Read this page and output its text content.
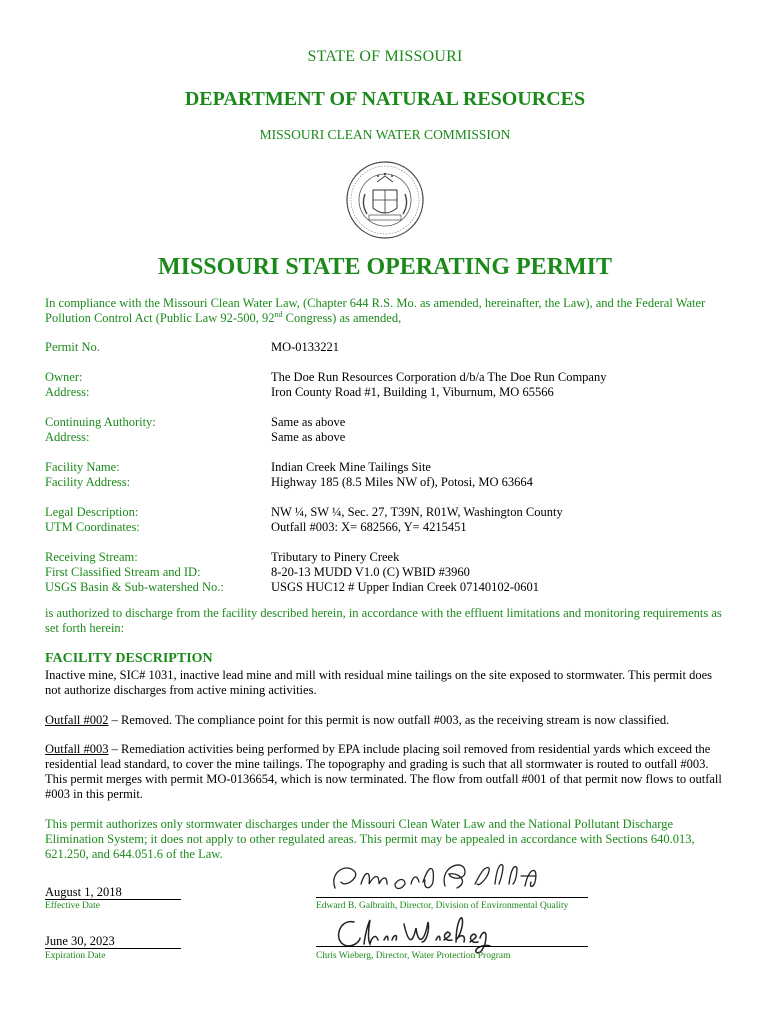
STATE OF MISSOURI
DEPARTMENT OF NATURAL RESOURCES
MISSOURI CLEAN WATER COMMISSION
MISSOURI STATE OPERATING PERMIT
In compliance with the Missouri Clean Water Law, (Chapter 644 R.S. Mo. as amended, hereinafter, the Law), and the Federal Water Pollution Control Act (Public Law 92-500, 92nd Congress) as amended,
Permit No.	MO-0133221
Owner:	The Doe Run Resources Corporation d/b/a The Doe Run Company
Address:	Iron County Road #1, Building 1, Viburnum, MO 65566
Continuing Authority:	Same as above
Address:	Same as above
Facility Name:	Indian Creek Mine Tailings Site
Facility Address:	Highway 185 (8.5 Miles NW of), Potosi, MO 63664
Legal Description:	NW ¼, SW ¼, Sec. 27, T39N, R01W, Washington County
UTM Coordinates:	Outfall #003: X= 682566, Y= 4215451
Receiving Stream:	Tributary to Pinery Creek
First Classified Stream and ID:	8-20-13 MUDD V1.0 (C) WBID #3960
USGS Basin & Sub-watershed No.:	USGS HUC12 # Upper Indian Creek 07140102-0601
is authorized to discharge from the facility described herein, in accordance with the effluent limitations and monitoring requirements as set forth herein:
FACILITY DESCRIPTION
Inactive mine, SIC# 1031, inactive lead mine and mill with residual mine tailings on the site exposed to stormwater. This permit does not authorize discharges from active mining activities.
Outfall #002 – Removed. The compliance point for this permit is now outfall #003, as the receiving stream is now classified.
Outfall #003 – Remediation activities being performed by EPA include placing soil removed from residential yards which exceed the residential lead standard, to cover the mine tailings. The topography and grading is such that all stormwater is routed to outfall #003. This permit merges with permit MO-0136654, which is now terminated. The flow from outfall #001 of that permit now flows to outfall #003 in this permit.
This permit authorizes only stormwater discharges under the Missouri Clean Water Law and the National Pollutant Discharge Elimination System; it does not apply to other regulated areas. This permit may be appealed in accordance with Sections 640.013, 621.250, and 644.051.6 of the Law.
August 1, 2018
Effective Date	Edward B. Galbraith, Director, Division of Environmental Quality
June 30, 2023
Expiration Date	Chris Wieberg, Director, Water Protection Program
